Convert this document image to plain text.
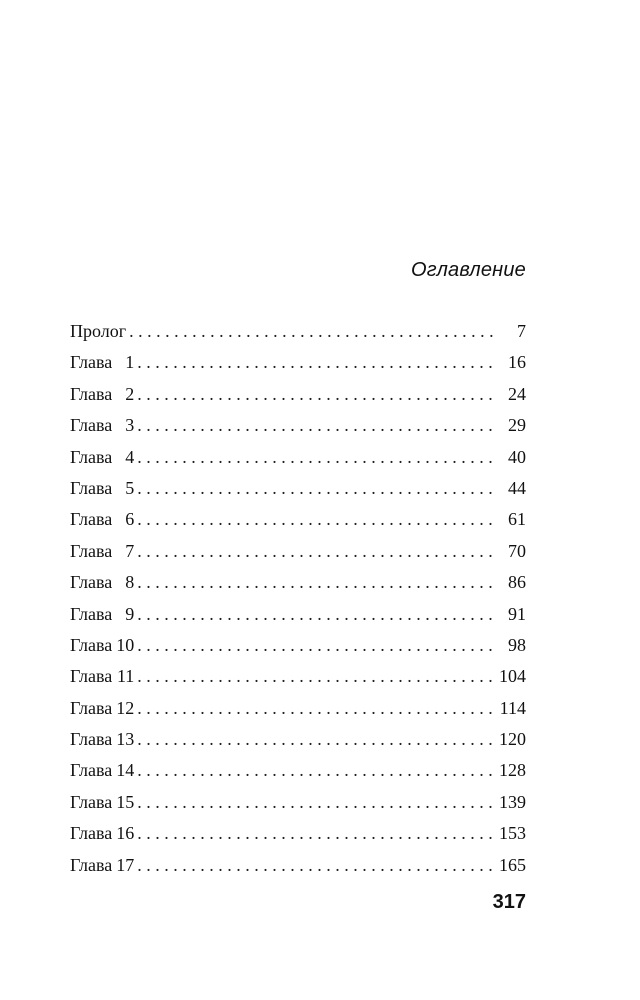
Оглавление
Пролог . . .	7
Глава 1 . . .	16
Глава 2 . . .	24
Глава 3 . . .	29
Глава 4 . . .	40
Глава 5 . . .	44
Глава 6 . . .	61
Глава 7 . . .	70
Глава 8 . . .	86
Глава 9 . . .	91
Глава 10 . . .	98
Глава 11 . . .	104
Глава 12 . . .	114
Глава 13 . . .	120
Глава 14 . . .	128
Глава 15 . . .	139
Глава 16 . . .	153
Глава 17 . . .	165
317
